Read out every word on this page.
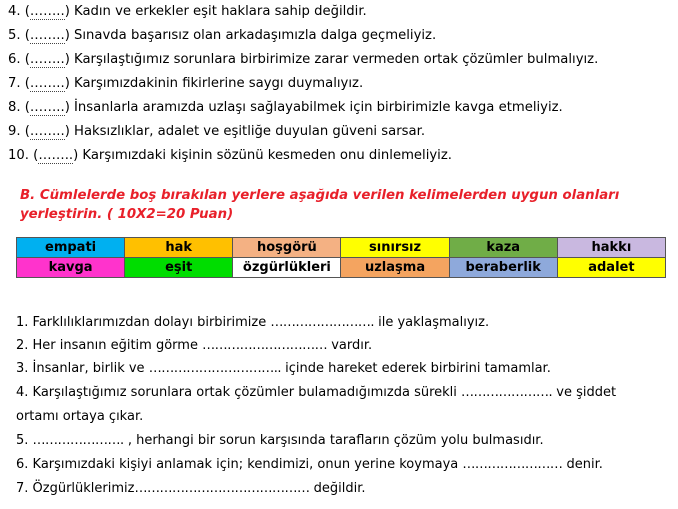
4. (……..) Kadın ve erkekler eşit haklara sahip değildir.
5. (……..) Sınavda başarısız olan arkadaşımızla dalga geçmeliyiz.
6. (……..) Karşılaştığımız sorunlara birbirimize zarar vermeden ortak çözümler bulmalıyız.
7. (……..) Karşımızdakinin fikirlerine saygı duymalıyız.
8. (……..) İnsanlarla aramızda uzlaşı sağlayabilmek için birbirimizle kavga etmeliyiz.
9. (……..) Haksızlıklar, adalet ve eşitliğe duyulan güveni sarsar.
10. (……..) Karşımızdaki kişinin sözünü kesmeden onu dinlemeliyiz.
B. Cümlelerde boş bırakılan yerlere aşağıda verilen kelimelerden uygun olanları
yerleştirin. ( 10X2=20 Puan)
empati	hak	hoşgörü	sınırsız	kaza	hakkı
kavga	eşit	özgürlükleri	uzlaşma	beraberlik	adalet
1. Farklılıklarımızdan dolayı birbirimize ……………………. ile yaklaşmalıyız.
2. Her insanın eğitim görme ………………………… vardır.
3. İnsanlar, birlik ve ………………………….. içinde hareket ederek birbirini tamamlar.
4. Karşılaştığımız sorunlara ortak çözümler bulamadığımızda sürekli …………………. ve şiddet
ortamı ortaya çıkar.
5. …………………. , herhangi bir sorun karşısında tarafların çözüm yolu bulmasıdır.
6. Karşımızdaki kişiyi anlamak için; kendimizi, onun yerine koymaya …………………… denir.
7. Özgürlüklerimiz…………………………………… değildir.
